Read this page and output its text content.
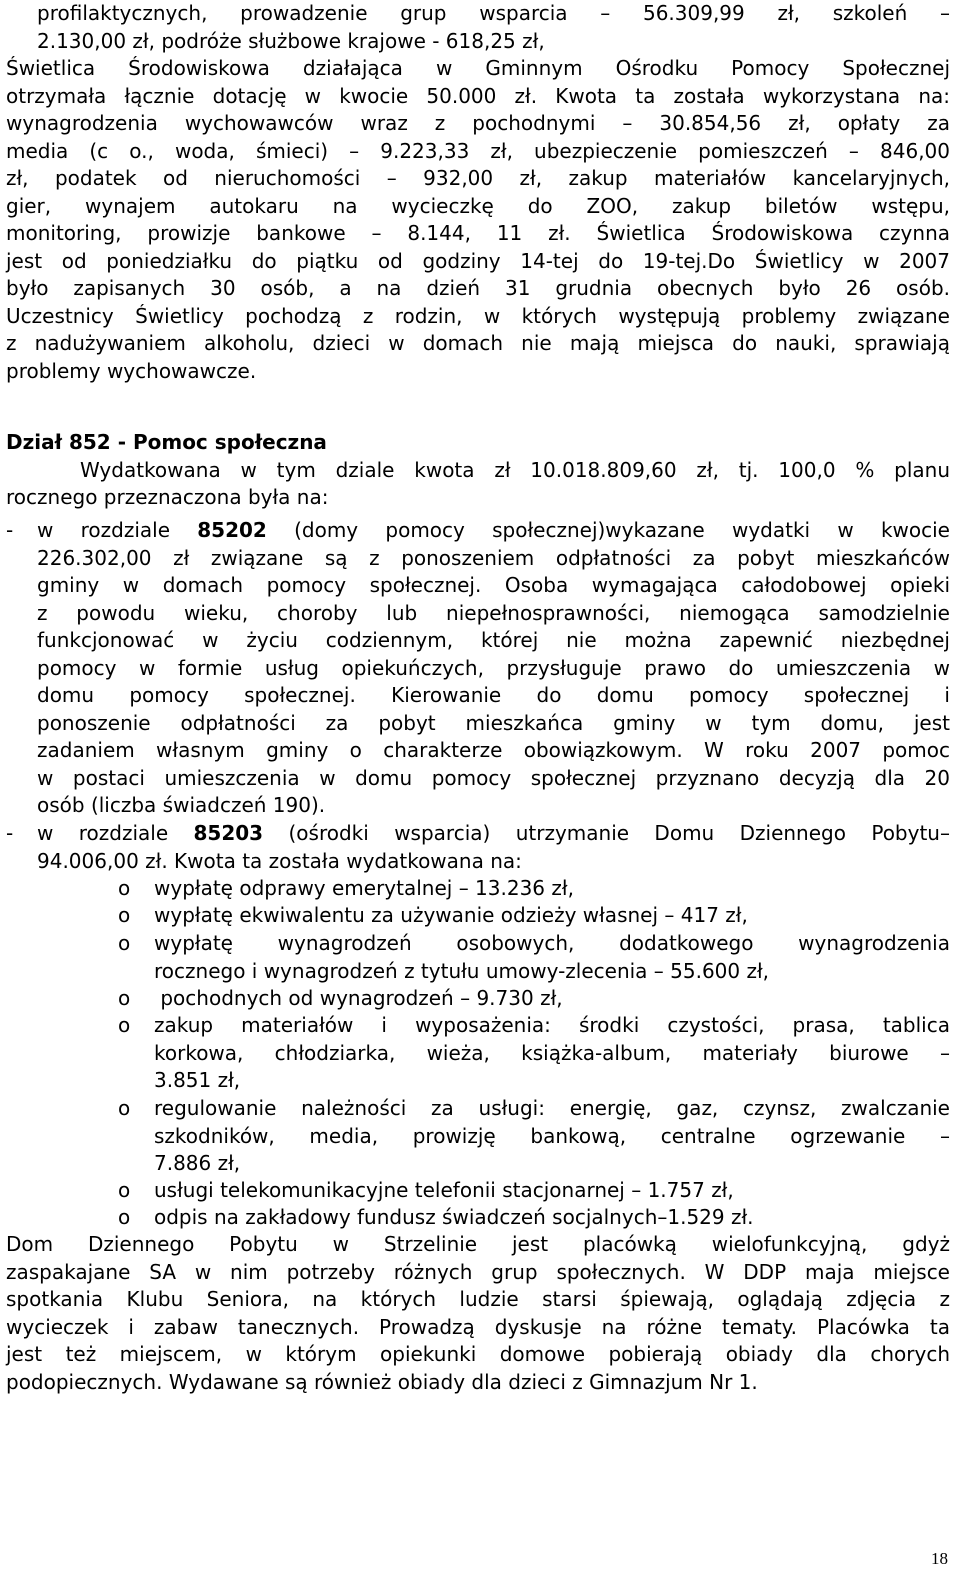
profilaktycznych, prowadzenie grup wsparcia – 56.309,99 zł, szkoleń –
2.130,00 zł, podróże służbowe krajowe - 618,25 zł,
Świetlica Środowiskowa działająca w Gminnym Ośrodku Pomocy Społecznej
otrzymała łącznie dotację w kwocie 50.000 zł. Kwota ta została wykorzystana na:
wynagrodzenia wychowawców wraz z pochodnymi – 30.854,56 zł, opłaty za
media (c o., woda, śmieci) – 9.223,33 zł, ubezpieczenie pomieszczeń – 846,00
zł, podatek od nieruchomości – 932,00 zł, zakup materiałów kancelaryjnych,
gier, wynajem autokaru na wycieczkę do ZOO, zakup biletów wstępu,
monitoring, prowizje bankowe – 8.144, 11 zł. Świetlica Środowiskowa czynna
jest od poniedziałku do piątku od godziny 14-tej do 19-tej.Do Świetlicy w 2007
było zapisanych 30 osób, a na dzień 31 grudnia obecnych było 26 osób.
Uczestnicy Świetlicy pochodzą z rodzin, w których występują problemy związane
z nadużywaniem alkoholu, dzieci w domach nie mają miejsca do nauki, sprawiają
problemy wychowawcze.
Dział 852 - Pomoc społeczna
Wydatkowana w tym dziale kwota zł 10.018.809,60 zł, tj. 100,0 % planu
rocznego przeznaczona była na:
- w rozdziale 85202 (domy pomocy społecznej)wykazane wydatki w kwocie
226.302,00 zł związane są z ponoszeniem odpłatności za pobyt mieszkańców
gminy w domach pomocy społecznej. Osoba wymagająca całodobowej opieki
z powodu wieku, choroby lub niepełnosprawności, niemogąca samodzielnie
funkcjonować w życiu codziennym, której nie można zapewnić niezbędnej
pomocy w formie usług opiekuńczych, przysługuje prawo do umieszczenia w
domu pomocy społecznej. Kierowanie do domu pomocy społecznej i
ponoszenie odpłatności za pobyt mieszkańca gminy w tym domu, jest
zadaniem własnym gminy o charakterze obowiązkowym. W roku 2007 pomoc
w postaci umieszczenia w domu pomocy społecznej przyznano decyzją dla 20
osób (liczba świadczeń 190).
- w rozdziale 85203 (ośrodki wsparcia) utrzymanie Domu Dziennego Pobytu–
94.006,00 zł. Kwota ta została wydatkowana na:
o wypłatę odprawy emerytalnej – 13.236 zł,
o wypłatę ekwiwalentu za używanie odzieży własnej – 417 zł,
o wypłatę wynagrodzeń osobowych, dodatkowego wynagrodzenia
rocznego i wynagrodzeń z tytułu umowy-zlecenia – 55.600 zł,
o pochodnych od wynagrodzeń – 9.730 zł,
o zakup materiałów i wyposażenia: środki czystości, prasa, tablica
korkowa, chłodziarka, wieża, książka-album, materiały biurowe –
3.851 zł,
o regulowanie należności za usługi: energię, gaz, czynsz, zwalczanie
szkodników, media, prowizję bankową, centralne ogrzewanie –
7.886 zł,
o usługi telekomunikacyjne telefonii stacjonarnej – 1.757 zł,
o odpis na zakładowy fundusz świadczeń socjalnych–1.529 zł.
Dom Dziennego Pobytu w Strzelinie jest placówką wielofunkcyjną, gdyż
zaspakajane SA w nim potrzeby różnych grup społecznych. W DDP maja miejsce
spotkania Klubu Seniora, na których ludzie starsi śpiewają, oglądają zdjęcia z
wycieczek i zabaw tanecznych. Prowadzą dyskusje na różne tematy. Placówka ta
jest też miejscem, w którym opiekunki domowe pobierają obiady dla chorych
podopiecznych. Wydawane są również obiady dla dzieci z Gimnazjum Nr 1.
18
